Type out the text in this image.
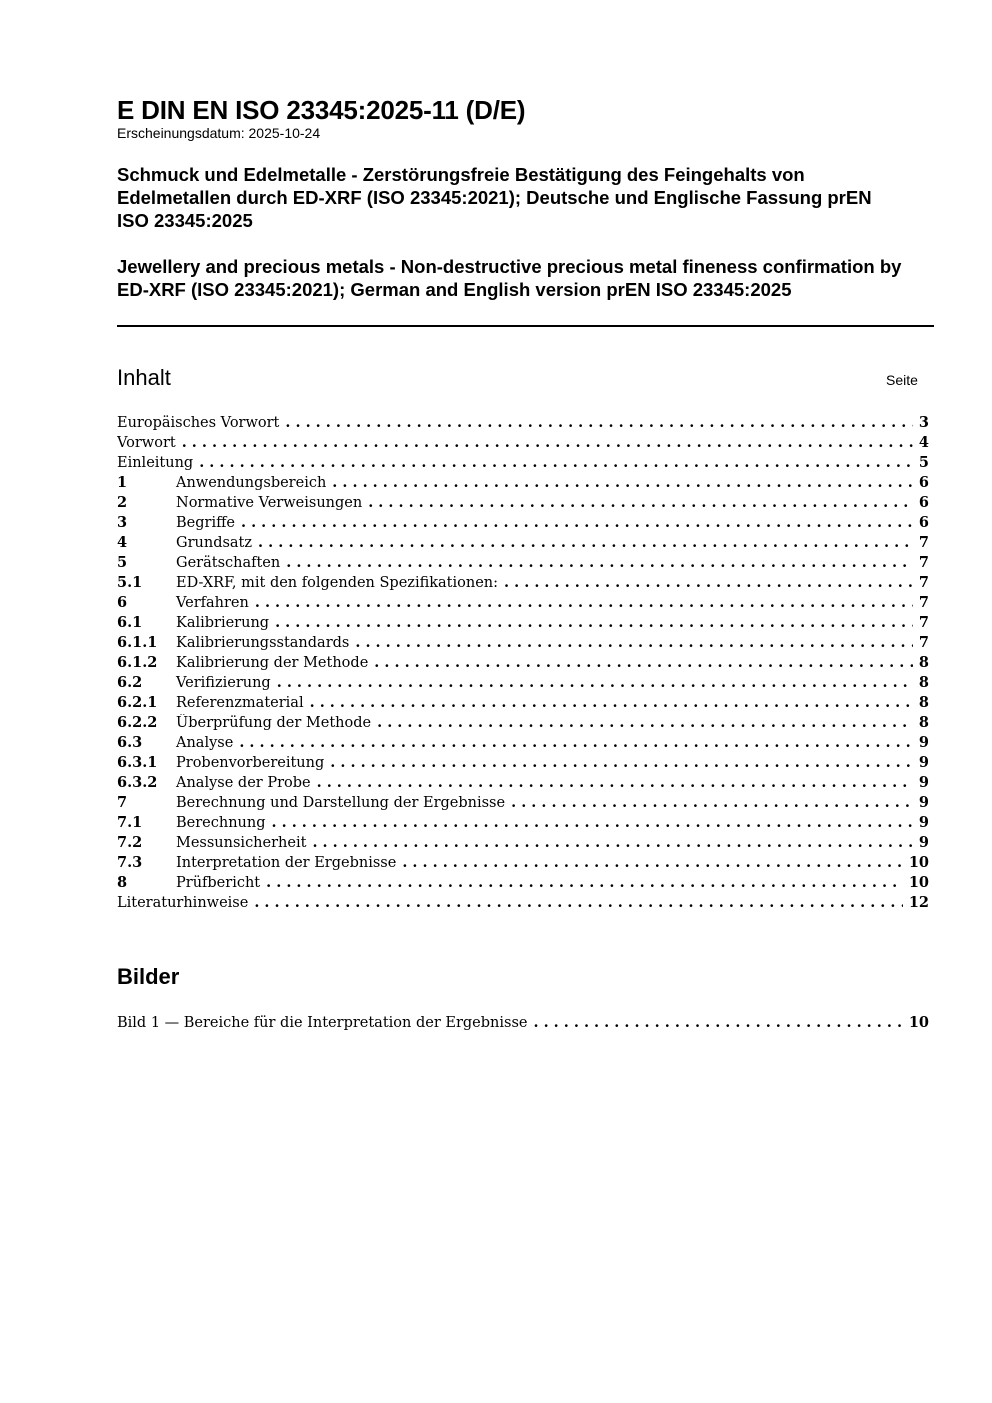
E DIN EN ISO 23345:2025-11 (D/E)
Erscheinungsdatum: 2025-10-24
Schmuck und Edelmetalle - Zerstörungsfreie Bestätigung des Feingehalts von Edelmetallen durch ED-XRF (ISO 23345:2021); Deutsche und Englische Fassung prEN ISO 23345:2025
Jewellery and precious metals - Non-destructive precious metal fineness confirmation by ED-XRF (ISO 23345:2021); German and English version prEN ISO 23345:2025
Inhalt	Seite
Europäisches Vorwort . . .	3
Vorwort . . .	4
Einleitung . . .	5
1	Anwendungsbereich . . .	6
2	Normative Verweisungen . . .	6
3	Begriffe . . .	6
4	Grundsatz . . .	7
5	Gerätschaften . . .	7
5.1	ED-XRF, mit den folgenden Spezifikationen: . . .	7
6	Verfahren . . .	7
6.1	Kalibrierung . . .	7
6.1.1	Kalibrierungsstandards . . .	7
6.1.2	Kalibrierung der Methode . . .	8
6.2	Verifizierung . . .	8
6.2.1	Referenzmaterial . . .	8
6.2.2	Überprüfung der Methode . . .	8
6.3	Analyse . . .	9
6.3.1	Probenvorbereitung . . .	9
6.3.2	Analyse der Probe . . .	9
7	Berechnung und Darstellung der Ergebnisse . . .	9
7.1	Berechnung . . .	9
7.2	Messunsicherheit . . .	9
7.3	Interpretation der Ergebnisse . . .	10
8	Prüfbericht . . .	10
Literaturhinweise . . .	12
Bilder
Bild 1 — Bereiche für die Interpretation der Ergebnisse . . .	10
